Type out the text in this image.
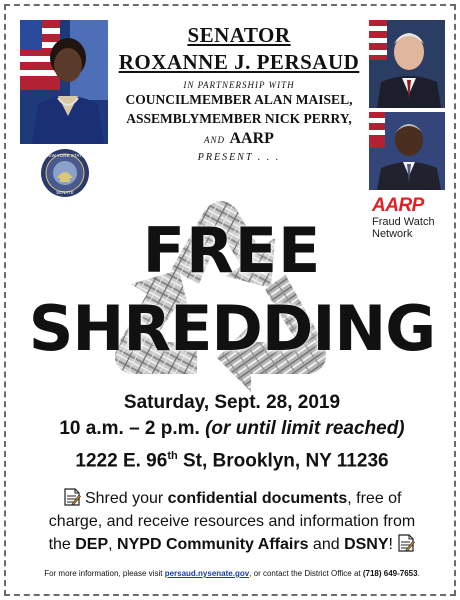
NEW YORK STATE
SENATE
SENATOR
ROXANNE J. PERSAUD
IN PARTNERSHIP WITH
COUNCILMEMBER ALAN MAISEL,
ASSEMBLYMEMBER NICK PERRY,
AND AARP
PRESENT . . .
AARP
Fraud Watch
Network
FREE
SHREDDING
Saturday, Sept. 28, 2019
10 a.m. – 2 p.m. (or until limit reached)
1222 E. 96th St, Brooklyn, NY 11236
Shred your confidential documents, free of charge, and receive resources and information from the DEP, NYPD Community Affairs and DSNY!
For more information, please visit persaud.nysenate.gov, or contact the District Office at (718) 649-7653.
